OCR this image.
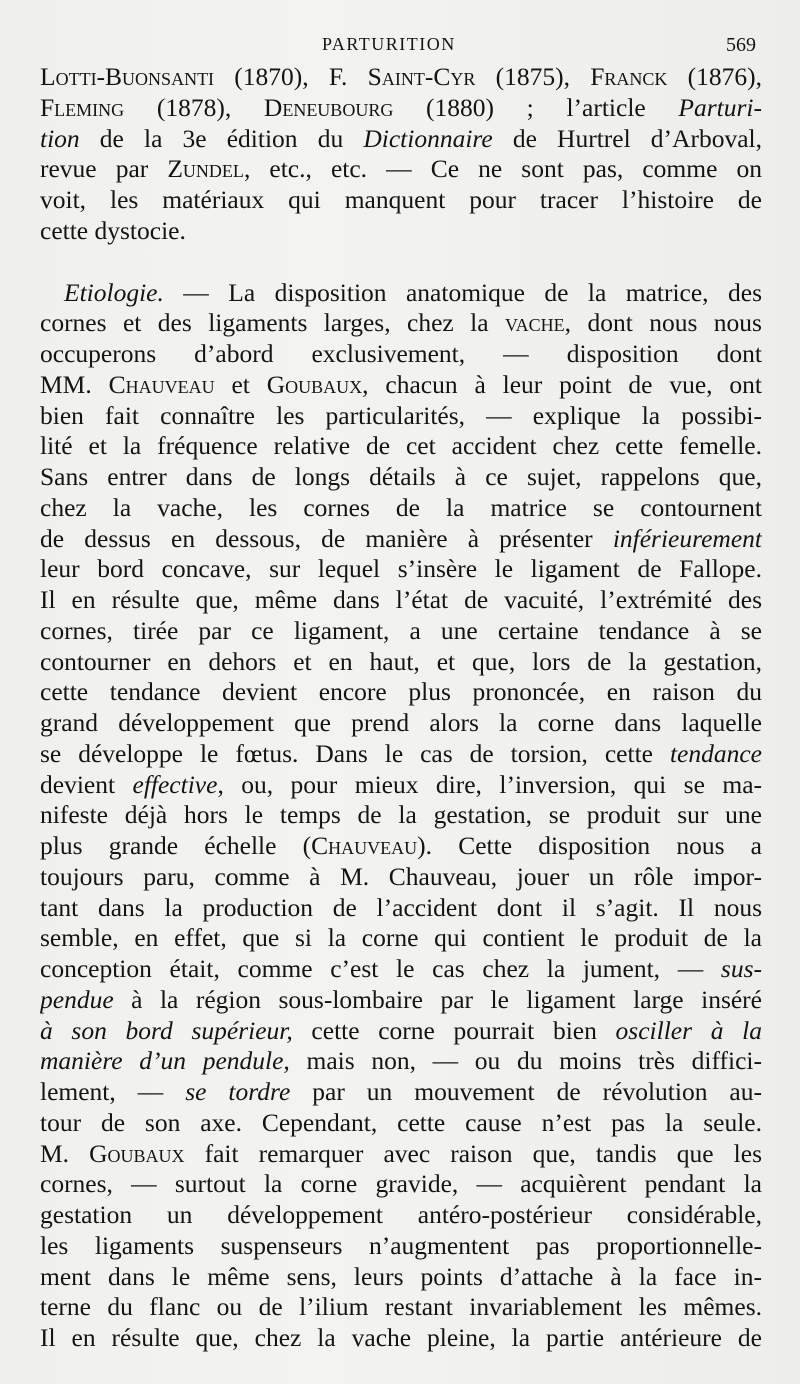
PARTURITION	569
Lotti-Buonsanti (1870), F. Saint-Cyr (1875), Franck (1876),
Fleming (1878), Deneubourg (1880) ; l’article Parturi-
tion de la 3e édition du Dictionnaire de Hurtrel d’Arboval,
revue par Zundel, etc., etc. — Ce ne sont pas, comme on
voit, les matériaux qui manquent pour tracer l’histoire de
cette dystocie.
Etiologie. — La disposition anatomique de la matrice, des
cornes et des ligaments larges, chez la vache, dont nous nous
occuperons d’abord exclusivement, — disposition dont
MM. Chauveau et Goubaux, chacun à leur point de vue, ont
bien fait connaître les particularités, — explique la possibi-
lité et la fréquence relative de cet accident chez cette femelle.
Sans entrer dans de longs détails à ce sujet, rappelons que,
chez la vache, les cornes de la matrice se contournent
de dessus en dessous, de manière à présenter inférieurement
leur bord concave, sur lequel s’insère le ligament de Fallope.
Il en résulte que, même dans l’état de vacuité, l’extrémité des
cornes, tirée par ce ligament, a une certaine tendance à se
contourner en dehors et en haut, et que, lors de la gestation,
cette tendance devient encore plus prononcée, en raison du
grand développement que prend alors la corne dans laquelle
se développe le fœtus. Dans le cas de torsion, cette tendance
devient effective, ou, pour mieux dire, l’inversion, qui se ma-
nifeste déjà hors le temps de la gestation, se produit sur une
plus grande échelle (Chauveau). Cette disposition nous a
toujours paru, comme à M. Chauveau, jouer un rôle impor-
tant dans la production de l’accident dont il s’agit. Il nous
semble, en effet, que si la corne qui contient le produit de la
conception était, comme c’est le cas chez la jument, — sus-
pendue à la région sous-lombaire par le ligament large inséré
à son bord supérieur, cette corne pourrait bien osciller à la
manière d’un pendule, mais non, — ou du moins très diffici-
lement, — se tordre par un mouvement de révolution au-
tour de son axe. Cependant, cette cause n’est pas la seule.
M. Goubaux fait remarquer avec raison que, tandis que les
cornes, — surtout la corne gravide, — acquièrent pendant la
gestation un développement antéro-postérieur considérable,
les ligaments suspenseurs n’augmentent pas proportionnelle-
ment dans le même sens, leurs points d’attache à la face in-
terne du flanc ou de l’ilium restant invariablement les mêmes.
Il en résulte que, chez la vache pleine, la partie antérieure de
